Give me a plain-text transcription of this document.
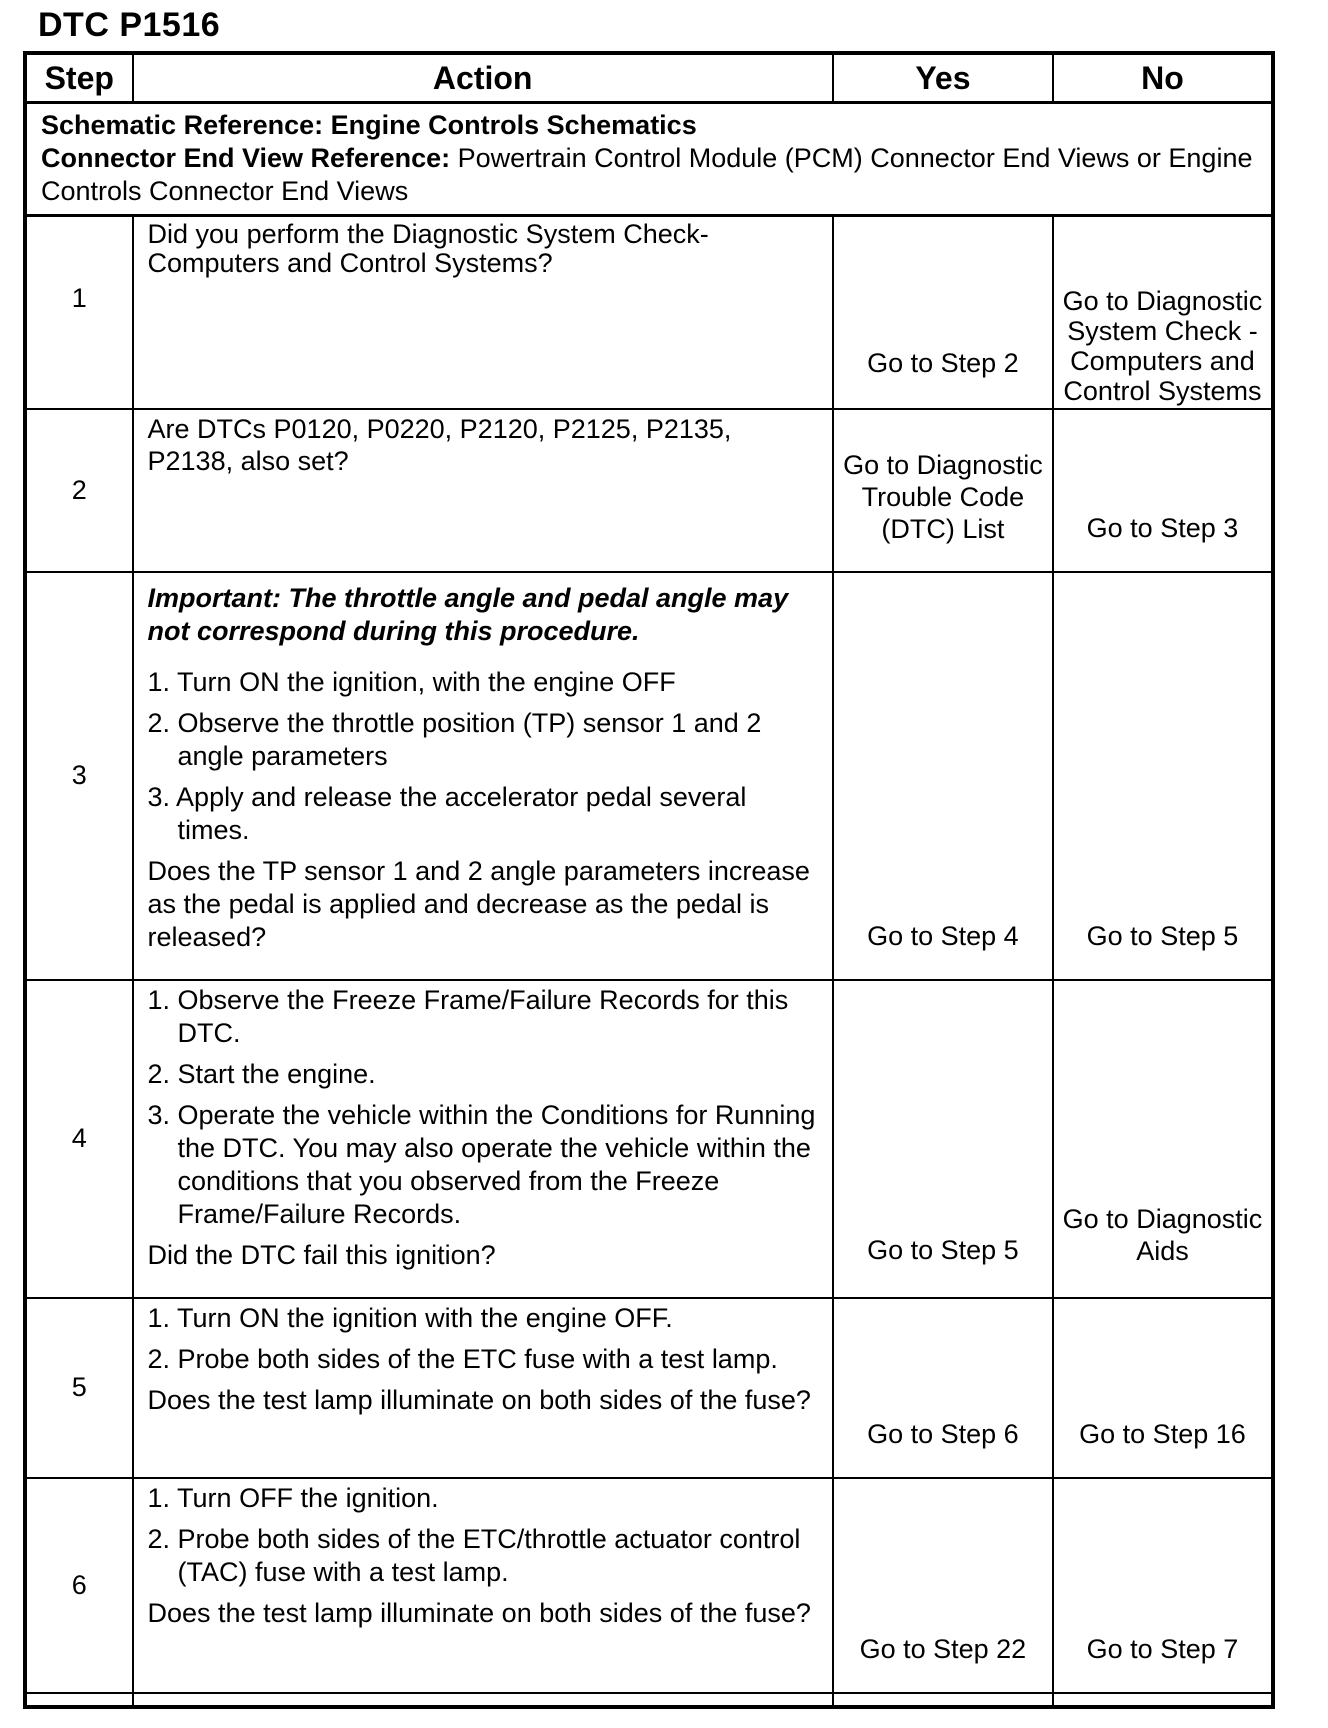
DTC P1516
Step	Action	Yes	No

Schematic Reference: Engine Controls Schematics
Connector End View Reference: Powertrain Control Module (PCM) Connector End Views or Engine Controls Connector End Views			

1	Did you perform the Diagnostic System Check-Computers and Control Systems?	Go to Step 2	Go to Diagnostic System Check - Computers and Control Systems
2	Are DTCs P0120, P0220, P2120, P2125, P2135, P2138, also set?	Go to Diagnostic Trouble Code (DTC) List	Go to Step 3
3	Important: The throttle angle and pedal angle may not correspond during this procedure.
1. Turn ON the ignition, with the engine OFF
2. Observe the throttle position (TP) sensor 1 and 2 angle parameters
3. Apply and release the accelerator pedal several times.
Does the TP sensor 1 and 2 angle parameters increase as the pedal is applied and decrease as the pedal is released?	Go to Step 4	Go to Step 5
4	1. Observe the Freeze Frame/Failure Records for this DTC.
2. Start the engine.
3. Operate the vehicle within the Conditions for Running the DTC. You may also operate the vehicle within the conditions that you observed from the Freeze Frame/Failure Records.
Did the DTC fail this ignition?	Go to Step 5	Go to Diagnostic Aids
5	1. Turn ON the ignition with the engine OFF.
2. Probe both sides of the ETC fuse with a test lamp.
Does the test lamp illuminate on both sides of the fuse?	Go to Step 6	Go to Step 16
6	1. Turn OFF the ignition.
2. Probe both sides of the ETC/throttle actuator control (TAC) fuse with a test lamp.
Does the test lamp illuminate on both sides of the fuse?	Go to Step 22	Go to Step 7
